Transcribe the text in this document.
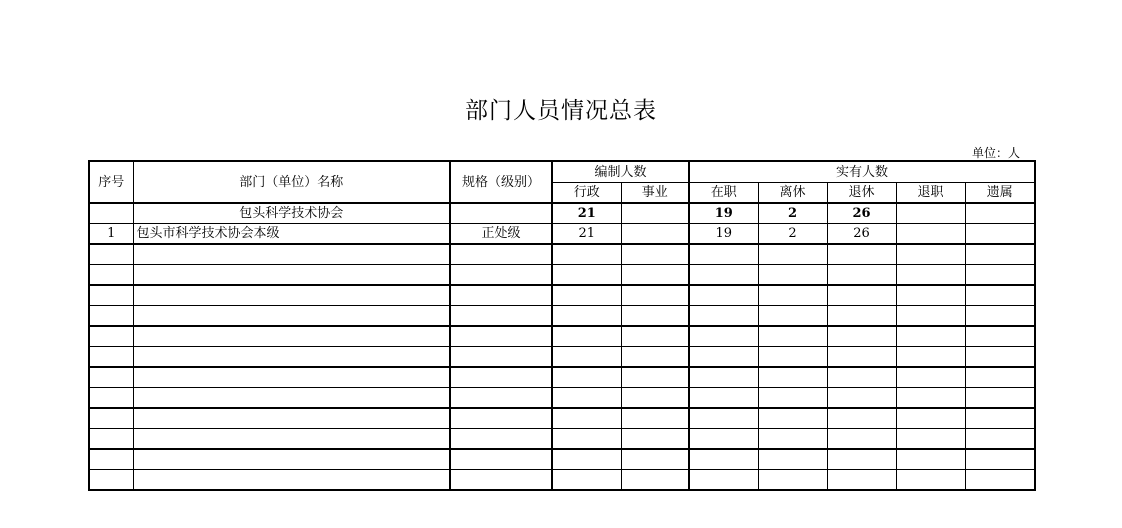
部门人员情况总表
单位：人
序号	部门（单位）名称	规格（级别）	编制人数		实有人数				
			行政	事业	在职	离休	退休	退职	遗属
	包头科学技术协会		21		19	2	26		
1	包头市科学技术协会本级	正处级	21		19	2	26		
